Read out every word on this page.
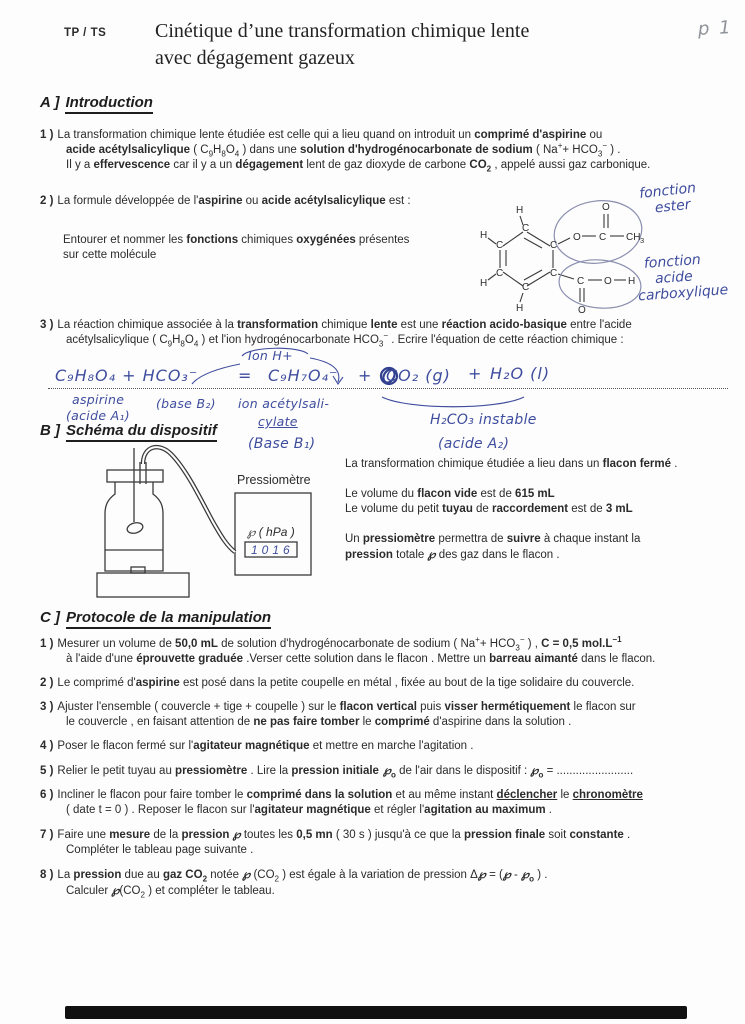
TP / TS Cinétique d’une transformation chimique lente
avec dégagement gazeux
p 1
A ] Introduction
1 ) La transformation chimique lente étudiée est celle qui a lieu quand on introduit un comprimé d'aspirine ou
acide acétylsalicylique ( $C_9H_8O_4$ ) dans une solution d'hydrogénocarbonate de sodium ( $Na^++ HCO_3^-$ ) .
Il y a effervescence car il y a un dégagement lent de gaz dioxyde de carbone $CO_2$ , appelé aussi gaz carbonique.
2 ) La formule développée de l'aspirine ou acide acétylsalicylique est :
Entourer et nommer les fonctions chimiques oxygénées présentes
sur cette molécule
H
H
H
H
C
C
C
C
C
C
O C
O
CH 3
C
O
O H
fonction
ester
fonction
acide
carboxylique
3 ) La réaction chimique associée à la transformation chimique lente est une réaction acido-basique entre l'acide
acétylsalicylique ( $C_9H_8O_4$ ) et l'ion hydrogénocarbonate $HCO_3^-$ . Ecrire l'équation de cette réaction chimique :
Ion H+
C₉H₈O₄ + HCO₃⁻ = C₉H₇O₄⁻ + CO₂ (g) + H₂O (l)
aspirine
(acide A₁)
(base B₂) ion acétylsali-
cylate
(Base B₁)
H₂CO₃ instable
(acide A₂)
B ] Schéma du dispositif
Pressiomètre
℘ ( hPa )
1016
La transformation chimique étudiée a lieu dans un flacon fermé .

Le volume du flacon vide est de 615 mL
Le volume du petit tuyau de raccordement est de 3 mL

Un pressiomètre permettra de suivre à chaque instant la
pression totale ℘ des gaz dans le flacon .
C ] Protocole de la manipulation
1 ) Mesurer un volume de 50,0 mL de solution d'hydrogénocarbonate de sodium ( $Na^++ HCO_3^-$ ) , C = 0,5 $mol.L^{-1}$
à l'aide d'une éprouvette graduée .Verser cette solution dans le flacon . Mettre un barreau aimanté dans le flacon.
2 ) Le comprimé d'aspirine est posé dans la petite coupelle en métal , fixée au bout de la tige solidaire du couvercle.
3 ) Ajuster l'ensemble ( couvercle + tige + coupelle ) sur le flacon vertical puis visser hermétiquement le flacon sur
le couvercle , en faisant attention de ne pas faire tomber le comprimé d'aspirine dans la solution .
4 ) Poser le flacon fermé sur l'agitateur magnétique et mettre en marche l'agitation .
5 ) Relier le petit tuyau au pressiomètre . Lire la pression initiale $℘_o$ de l'air dans le dispositif : $℘_o$ = ........................
6 ) Incliner le flacon pour faire tomber le comprimé dans la solution et au même instant déclencher le chronomètre
( date t = 0 ) . Reposer le flacon sur l'agitateur magnétique et régler l'agitation au maximum .
7 ) Faire une mesure de la pression ℘ toutes les 0,5 mn ( 30 s ) jusqu'à ce que la pression finale soit constante .
Compléter le tableau page suivante .
8 ) La pression due au gaz $CO_2$ notée ℘ ($CO_2$ ) est égale à la variation de pression Δ℘ = (℘ - $℘_o$ ) .
Calculer $℘(CO_2$ ) et compléter le tableau.
